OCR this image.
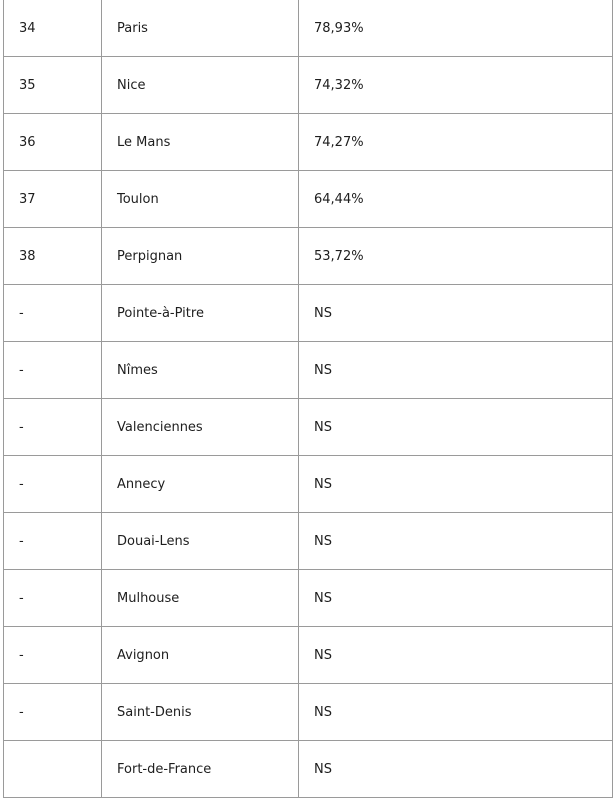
34	Paris	78,93%
35	Nice	74,32%
36	Le Mans	74,27%
37	Toulon	64,44%
38	Perpignan	53,72%
-	Pointe-à-Pitre	NS
-	Nîmes	NS
-	Valenciennes	NS
-	Annecy	NS
-	Douai-Lens	NS
-	Mulhouse	NS
-	Avignon	NS
-	Saint-Denis	NS
	Fort-de-France	NS
